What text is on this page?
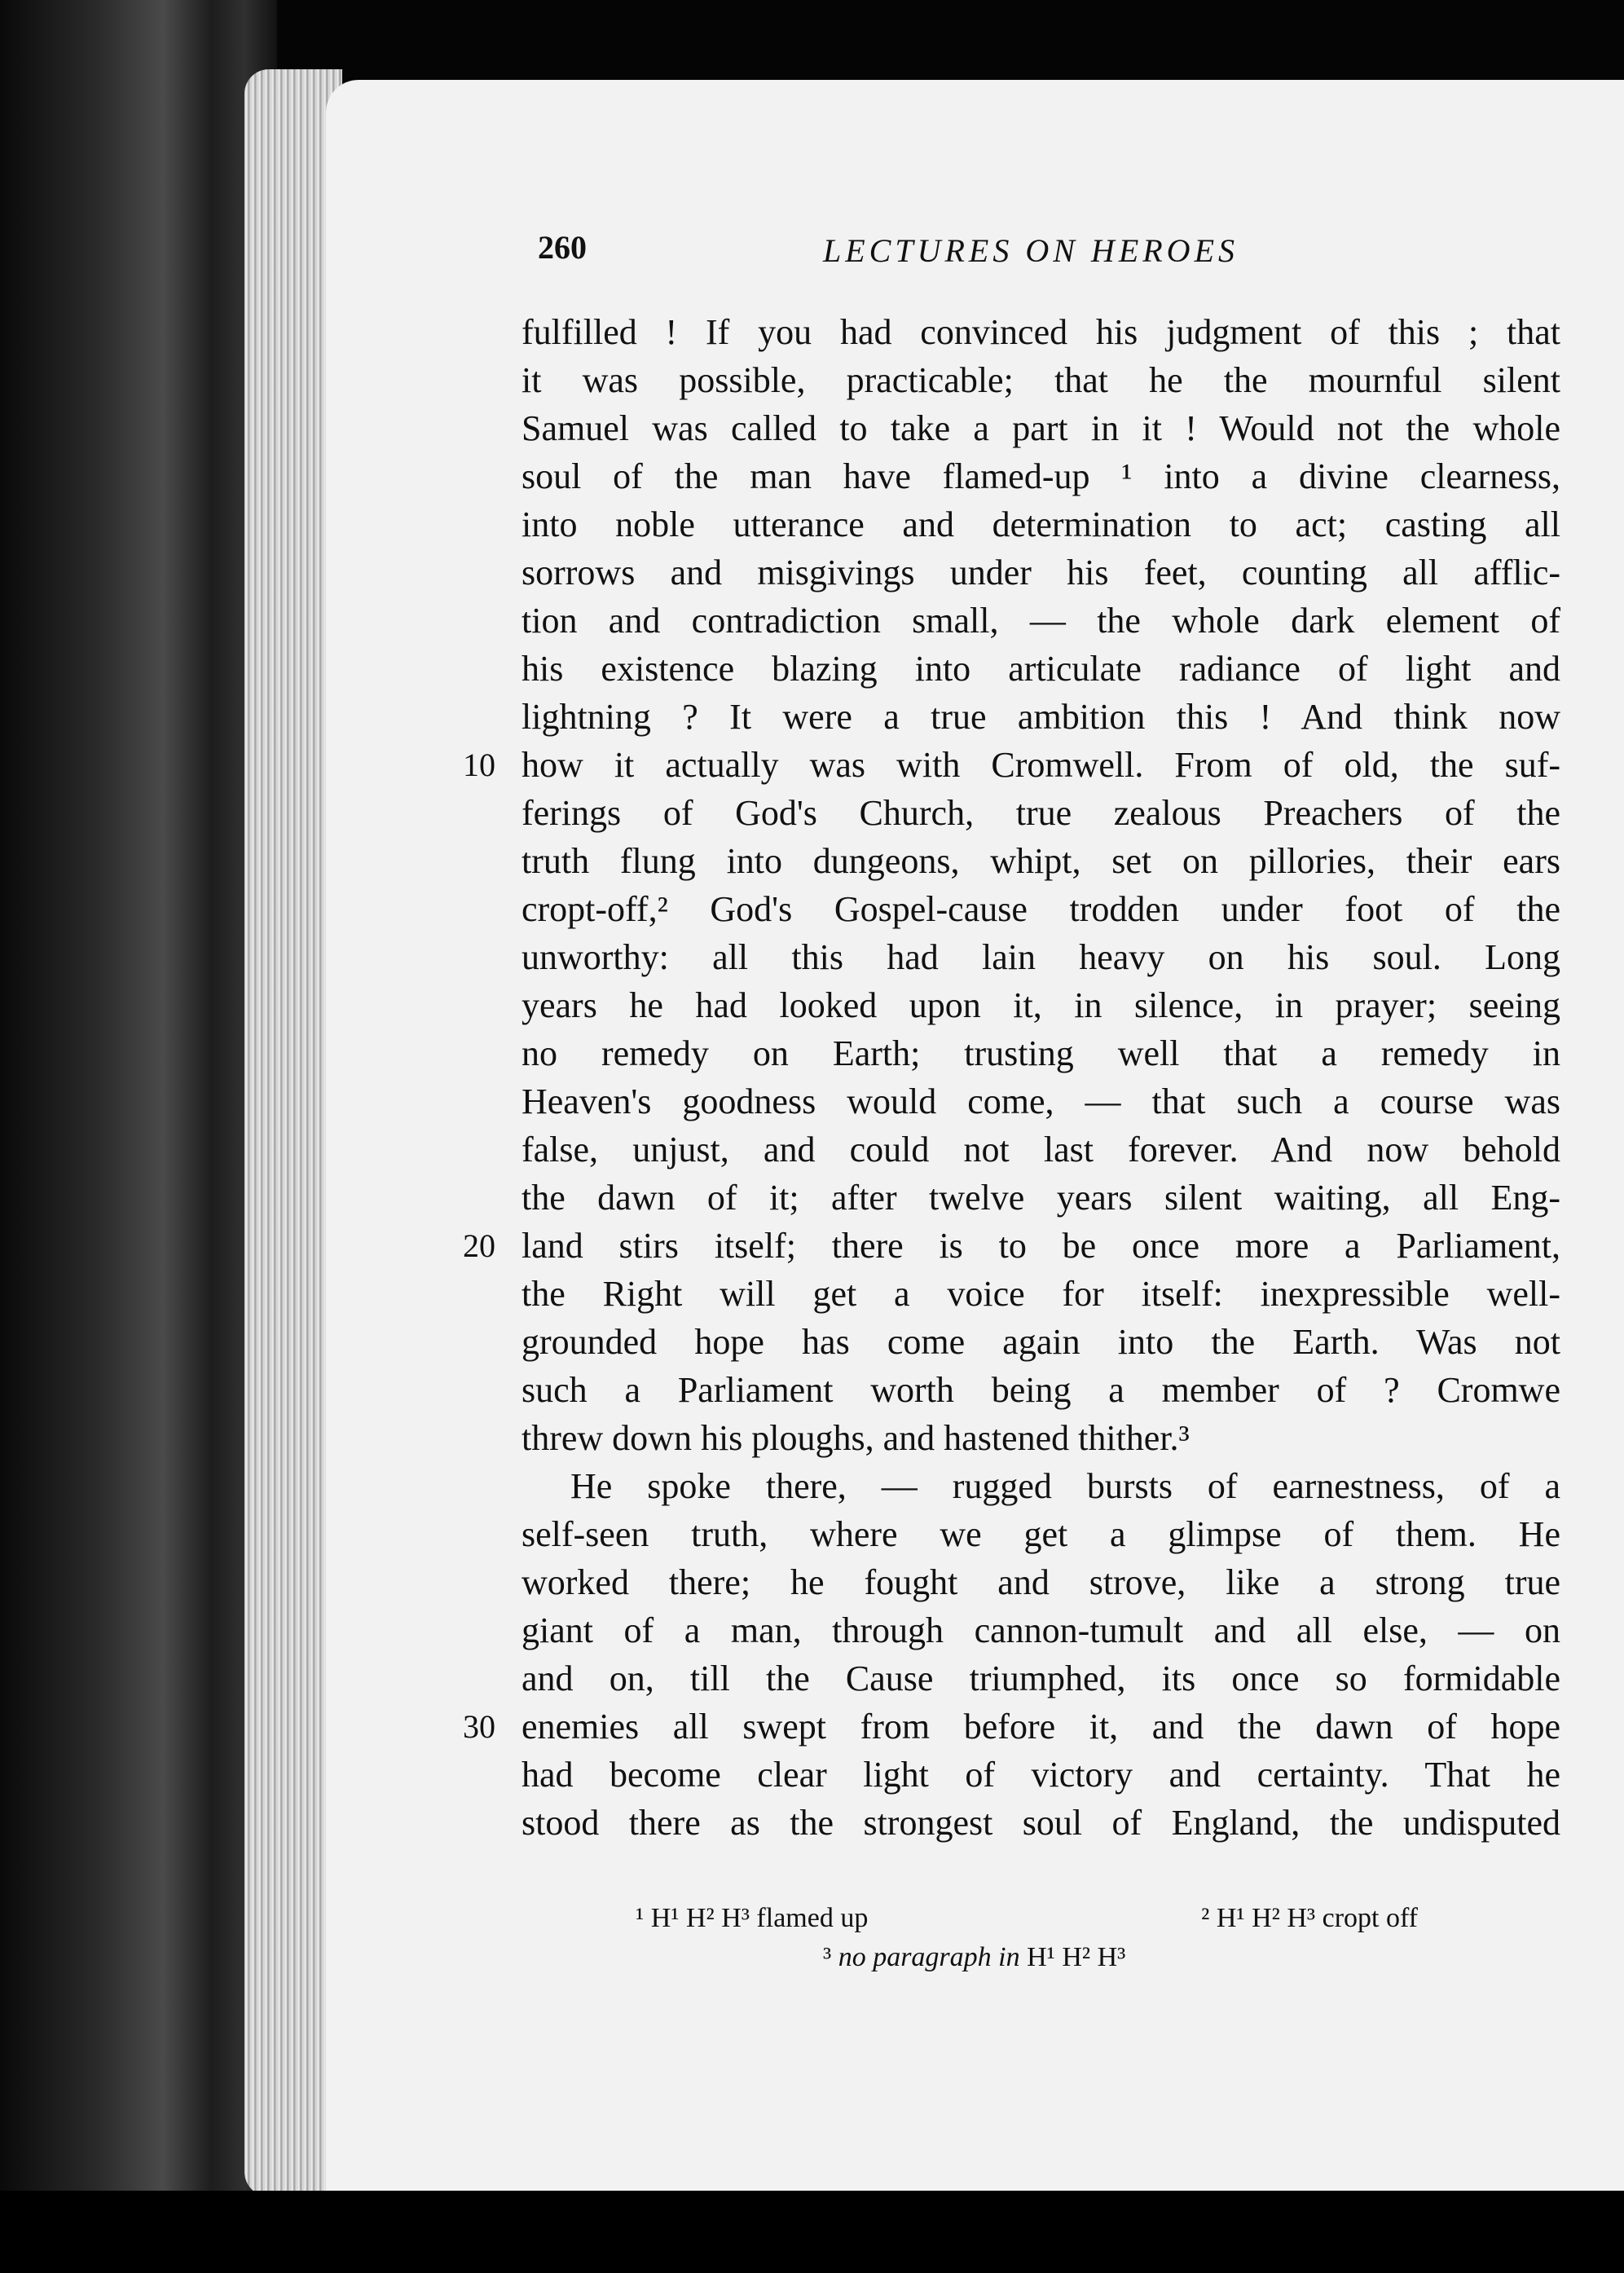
260	LECTURES ON HEROES
fulfilled ! If you had convinced his judgment of this ; that
it was possible, practicable; that he the mournful silent
Samuel was called to take a part in it ! Would not the whole
soul of the man have flamed-up ¹ into a divine clearness,
into noble utterance and determination to act; casting all
sorrows and misgivings under his feet, counting all afflic-
tion and contradiction small, — the whole dark element of
his existence blazing into articulate radiance of light and
lightning ? It were a true ambition this ! And think now
10 how it actually was with Cromwell. From of old, the suf-
ferings of God's Church, true zealous Preachers of the
truth flung into dungeons, whipt, set on pillories, their ears
cropt-off,² God's Gospel-cause trodden under foot of the
unworthy: all this had lain heavy on his soul. Long
years he had looked upon it, in silence, in prayer; seeing
no remedy on Earth; trusting well that a remedy in
Heaven's goodness would come, — that such a course was
false, unjust, and could not last forever. And now behold
the dawn of it; after twelve years silent waiting, all Eng-
20 land stirs itself; there is to be once more a Parliament,
the Right will get a voice for itself: inexpressible well-
grounded hope has come again into the Earth. Was not
such a Parliament worth being a member of ? Cromwe
threw down his ploughs, and hastened thither.³
He spoke there, — rugged bursts of earnestness, of a
self-seen truth, where we get a glimpse of them. He
worked there; he fought and strove, like a strong true
giant of a man, through cannon-tumult and all else, — on
and on, till the Cause triumphed, its once so formidable
30 enemies all swept from before it, and the dawn of hope
had become clear light of victory and certainty. That he
stood there as the strongest soul of England, the undisputed
¹ H¹ H² H³ flamed up	² H¹ H² H³ cropt off
³ no paragraph in H¹ H² H³
